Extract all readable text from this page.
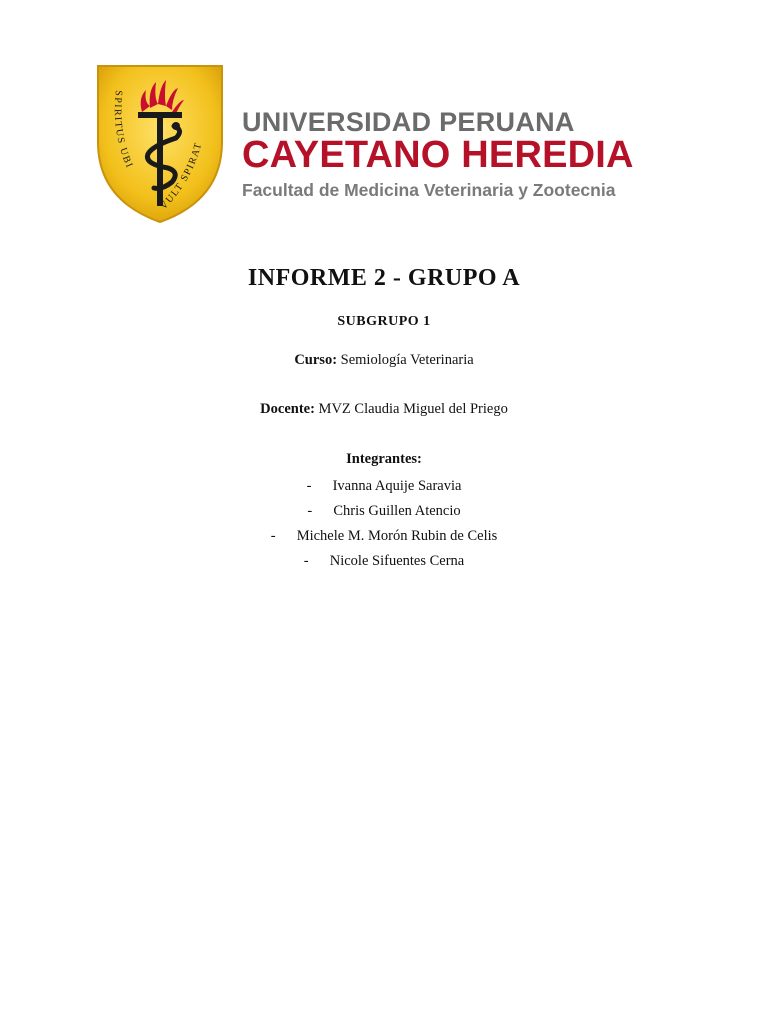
SPIRITUS UBI
VULT SPIRAT
UNIVERSIDAD PERUANA
CAYETANO HEREDIA
Facultad de Medicina Veterinaria y Zootecnia
INFORME 2 - GRUPO A
SUBGRUPO 1
Curso: Semiología Veterinaria
Docente: MVZ Claudia Miguel del Priego
Integrantes:
- Ivanna Aquije Saravia
- Chris Guillen Atencio
- Michele M. Morón Rubin de Celis
- Nicole Sifuentes Cerna
